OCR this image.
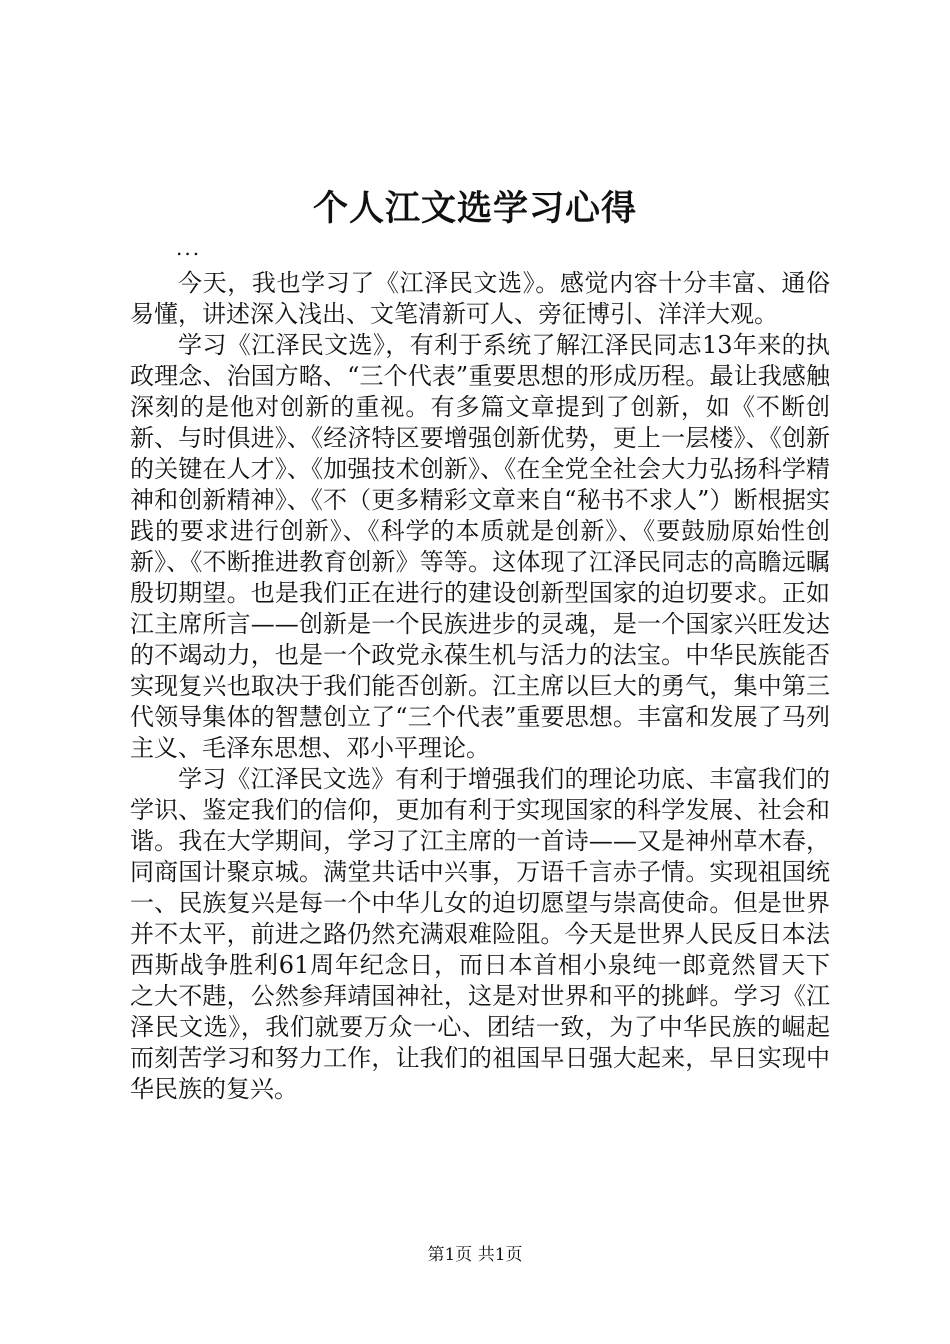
个人江文选学习心得
...

今天，我也学习了《江泽民文选》。感觉内容十分丰富、通俗易懂，讲述深入浅出、文笔清新可人、旁征博引、洋洋大观。

学习《江泽民文选》，有利于系统了解江泽民同志13年来的执政理念、治国方略、“三个代表”重要思想的形成历程。最让我感触深刻的是他对创新的重视。有多篇文章提到了创新，如《不断创新、与时俱进》、《经济特区要增强创新优势，更上一层楼》、《创新的关键在人才》、《加强技术创新》、《在全党全社会大力弘扬科学精神和创新精神》、《不（更多精彩文章来自“秘书不求人”）断根据实践的要求进行创新》、《科学的本质就是创新》、《要鼓励原始性创新》、《不断推进教育创新》等等。这体现了江泽民同志的高瞻远瞩殷切期望。也是我们正在进行的建设创新型国家的迫切要求。正如江主席所言——创新是一个民族进步的灵魂，是一个国家兴旺发达的不竭动力，也是一个政党永葆生机与活力的法宝。中华民族能否实现复兴也取决于我们能否创新。江主席以巨大的勇气，集中第三代领导集体的智慧创立了“三个代表”重要思想。丰富和发展了马列主义、毛泽东思想、邓小平理论。

学习《江泽民文选》有利于增强我们的理论功底、丰富我们的学识、鉴定我们的信仰，更加有利于实现国家的科学发展、社会和谐。我在大学期间，学习了江主席的一首诗——又是神州草木春，同商国计聚京城。满堂共话中兴事，万语千言赤子情。实现祖国统一、民族复兴是每一个中华儿女的迫切愿望与崇高使命。但是世界并不太平，前进之路仍然充满艰难险阻。今天是世界人民反日本法西斯战争胜利61周年纪念日，而日本首相小泉纯一郎竟然冒天下之大不韪，公然参拜靖国神社，这是对世界和平的挑衅。学习《江泽民文选》，我们就要万众一心、团结一致，为了中华民族的崛起而刻苦学习和努力工作，让我们的祖国早日强大起来，早日实现中华民族的复兴。

第1页 共1页
